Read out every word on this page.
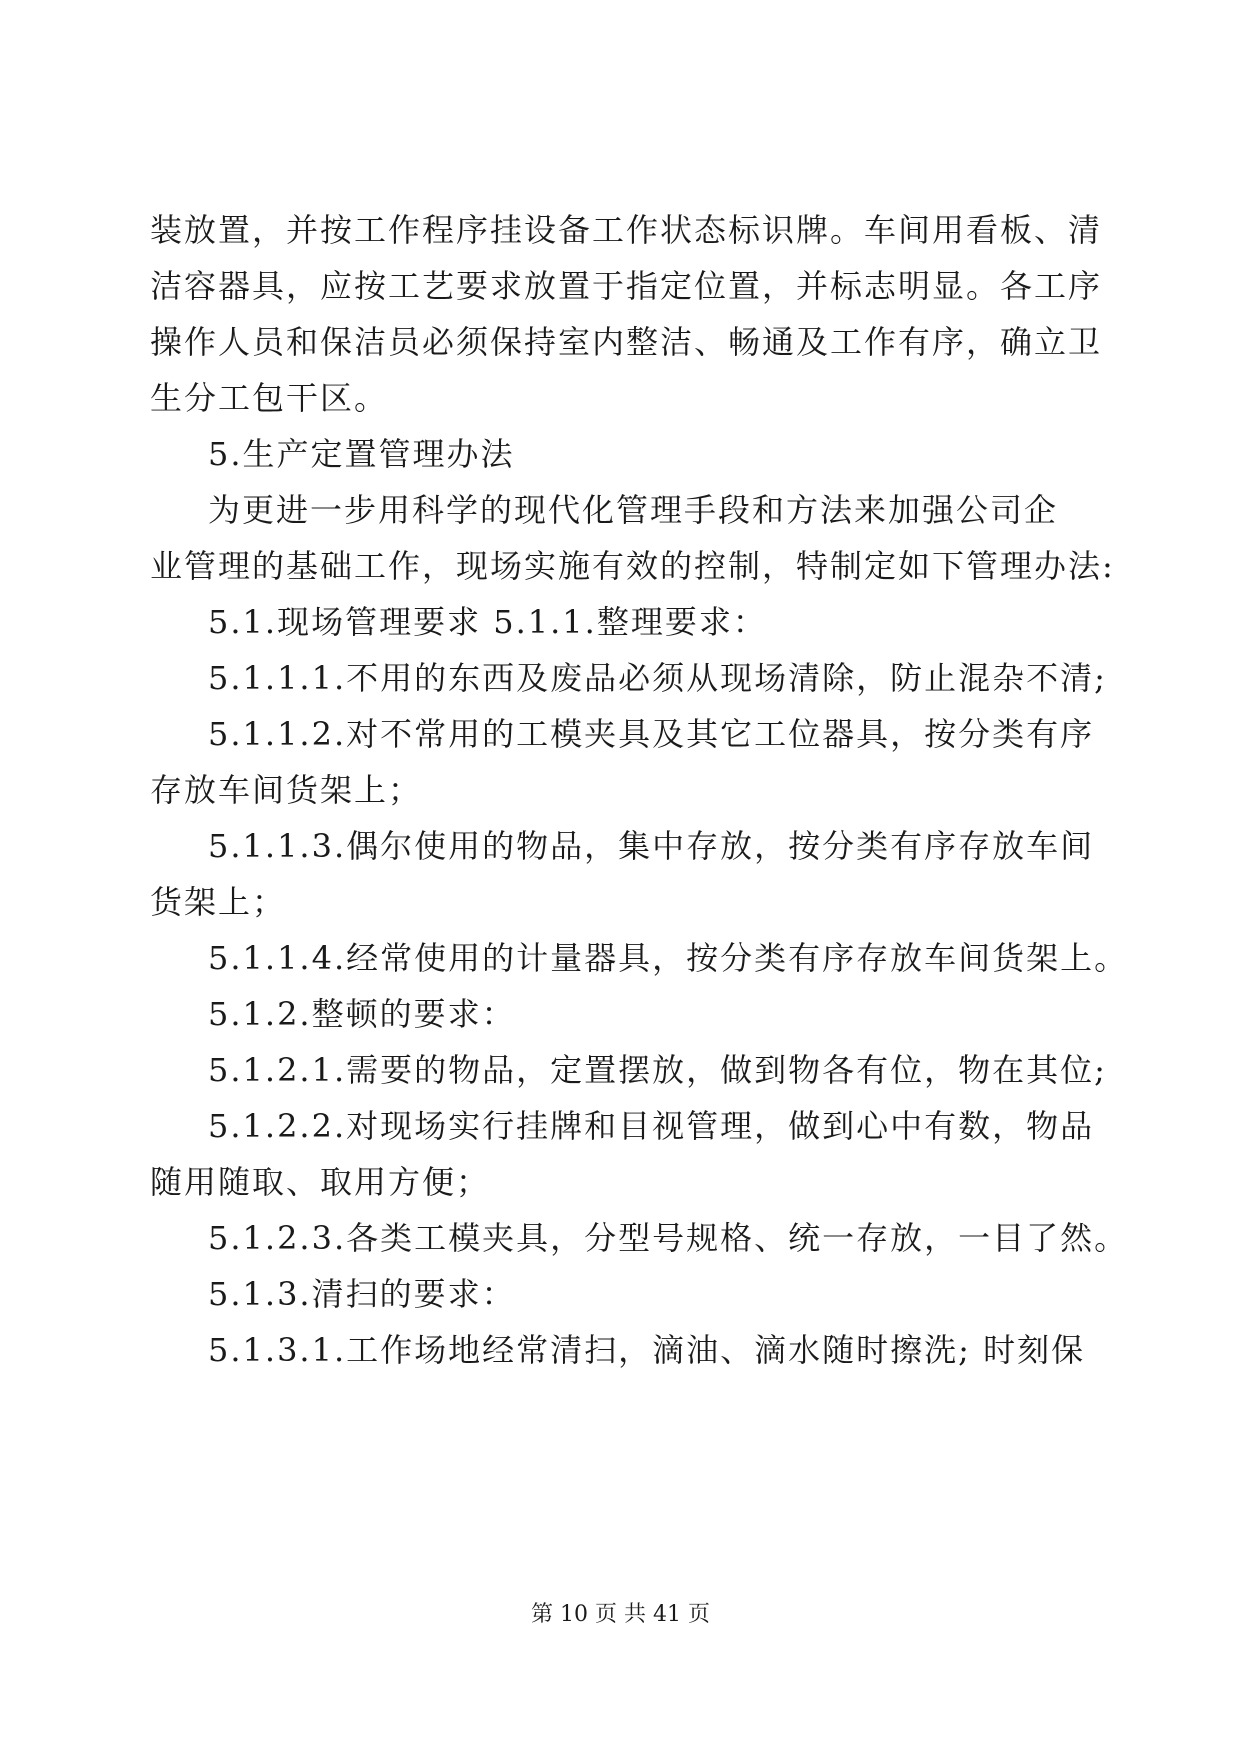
装放置，并按工作程序挂设备工作状态标识牌。车间用看板、清
洁容器具，应按工艺要求放置于指定位置，并标志明显。各工序
操作人员和保洁员必须保持室内整洁、畅通及工作有序，确立卫
生分工包干区。
5.生产定置管理办法
为更进一步用科学的现代化管理手段和方法来加强公司企
业管理的基础工作，现场实施有效的控制，特制定如下管理办法:
5.1.现场管理要求 5.1.1.整理要求：
5.1.1.1.不用的东西及废品必须从现场清除，防止混杂不清;
5.1.1.2.对不常用的工模夹具及其它工位器具，按分类有序
存放车间货架上；
5.1.1.3.偶尔使用的物品，集中存放，按分类有序存放车间
货架上；
5.1.1.4.经常使用的计量器具，按分类有序存放车间货架上。
5.1.2.整顿的要求：
5.1.2.1.需要的物品，定置摆放，做到物各有位，物在其位;
5.1.2.2.对现场实行挂牌和目视管理，做到心中有数，物品
随用随取、取用方便；
5.1.2.3.各类工模夹具，分型号规格、统一存放，一目了然。
5.1.3.清扫的要求：
5.1.3.1.工作场地经常清扫，滴油、滴水随时擦洗; 时刻保
第 10 页 共 41 页
